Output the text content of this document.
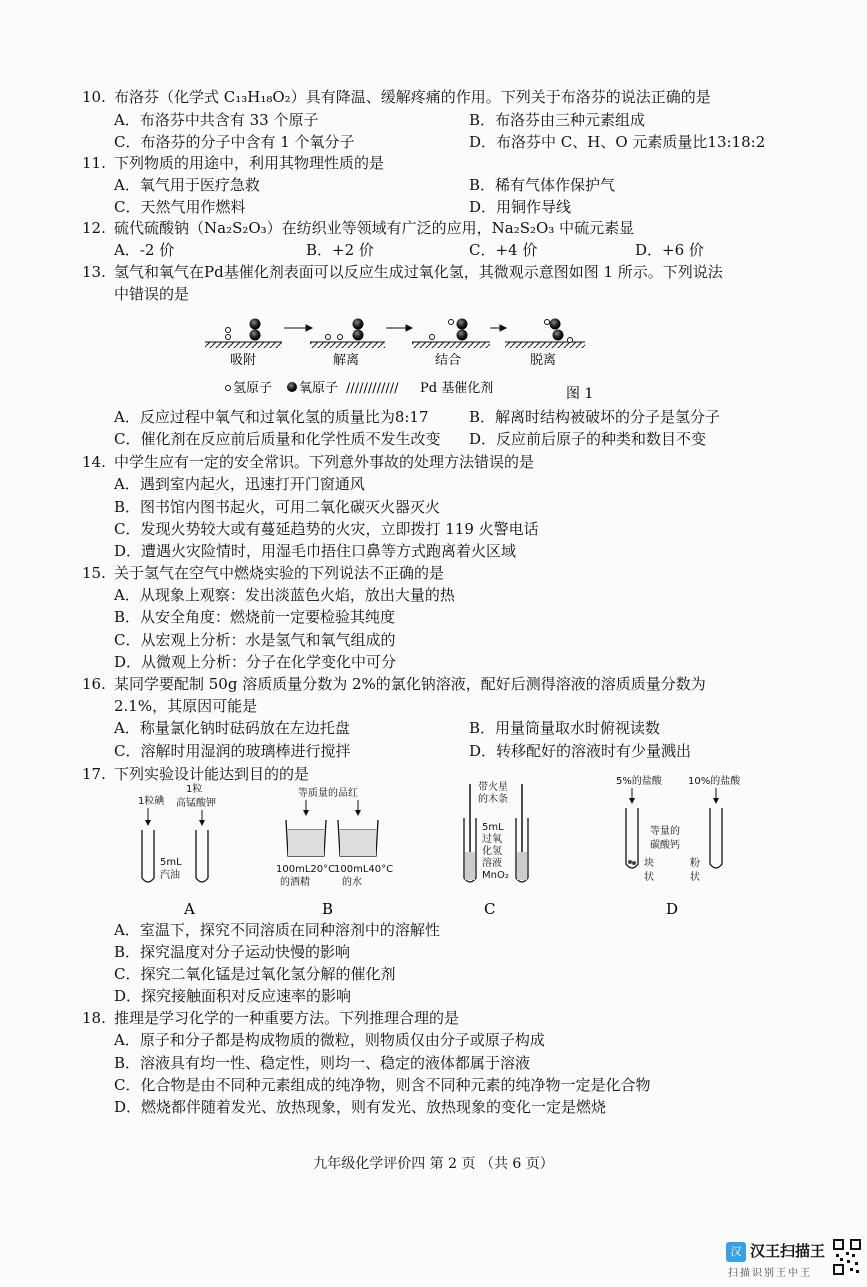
10. 布洛芬（化学式 C₁₃H₁₈O₂）具有降温、缓解疼痛的作用。下列关于布洛芬的说法正确的是
A．布洛芬中共含有 33 个原子	B．布洛芬由三种元素组成
C．布洛芬的分子中含有 1 个氧分子	D．布洛芬中 C、H、O 元素质量比13:18:2
11. 下列物质的用途中，利用其物理性质的是
A．氧气用于医疗急救	B．稀有气体作保护气
C．天然气用作燃料	D．用铜作导线
12. 硫代硫酸钠（Na₂S₂O₃）在纺织业等领域有广泛的应用，Na₂S₂O₃ 中硫元素显
A．-2 价	B．+2 价	C．+4 价	D．+6 价
13. 氢气和氧气在Pd基催化剂表面可以反应生成过氧化氢，其微观示意图如图 1 所示。下列说法
中错误的是
吸附	解离	结合	脱离
氢原子 氧原子 //////////// Pd 基催化剂	图 1
A．反应过程中氧气和过氧化氢的质量比为8:17	B．解离时结构被破坏的分子是氢分子
C．催化剂在反应前后质量和化学性质不发生改变 D．反应前后原子的种类和数目不变
14. 中学生应有一定的安全常识。下列意外事故的处理方法错误的是
A．遇到室内起火，迅速打开门窗通风
B．图书馆内图书起火，可用二氧化碳灭火器灭火
C．发现火势较大或有蔓延趋势的火灾，立即拨打 119 火警电话
D．遭遇火灾险情时，用湿毛巾捂住口鼻等方式跑离着火区域
15. 关于氢气在空气中燃烧实验的下列说法不正确的是
A．从现象上观察：发出淡蓝色火焰，放出大量的热
B．从安全角度：燃烧前一定要检验其纯度
C．从宏观上分析：水是氢气和氧气组成的
D．从微观上分析：分子在化学变化中可分
16. 某同学要配制 50g 溶质质量分数为 2%的氯化钠溶液，配好后测得溶液的溶质质量分数为
2.1%，其原因可能是
A．称量氯化钠时砝码放在左边托盘	B．用量筒量取水时俯视读数
C．溶解时用湿润的玻璃棒进行搅拌	D．转移配好的溶液时有少量溅出
17. 下列实验设计能达到目的的是
1粒碘
1粒
高锰酸钾
5mL
汽油
A
等质量的品红
100mL20°C
的酒精
100mL40°C
的水
B
带火星
的木条
5mL
过氧
化氢
溶液
MnO₂
C
5%的盐酸	10%的盐酸
等量的
碳酸钙
块
状
粉
状
D
A．室温下，探究不同溶质在同种溶剂中的溶解性
B．探究温度对分子运动快慢的影响
C．探究二氧化锰是过氧化氢分解的催化剂
D．探究接触面积对反应速率的影响
18. 推理是学习化学的一种重要方法。下列推理合理的是
A．原子和分子都是构成物质的微粒，则物质仅由分子或原子构成
B．溶液具有均一性、稳定性，则均一、稳定的液体都属于溶液
C．化合物是由不同种元素组成的纯净物，则含不同种元素的纯净物一定是化合物
D．燃烧都伴随着发光、放热现象，则有发光、放热现象的变化一定是燃烧
九年级化学评价四 第 2 页 （共 6 页）
汉 汉王扫描王
扫描识别王中王
